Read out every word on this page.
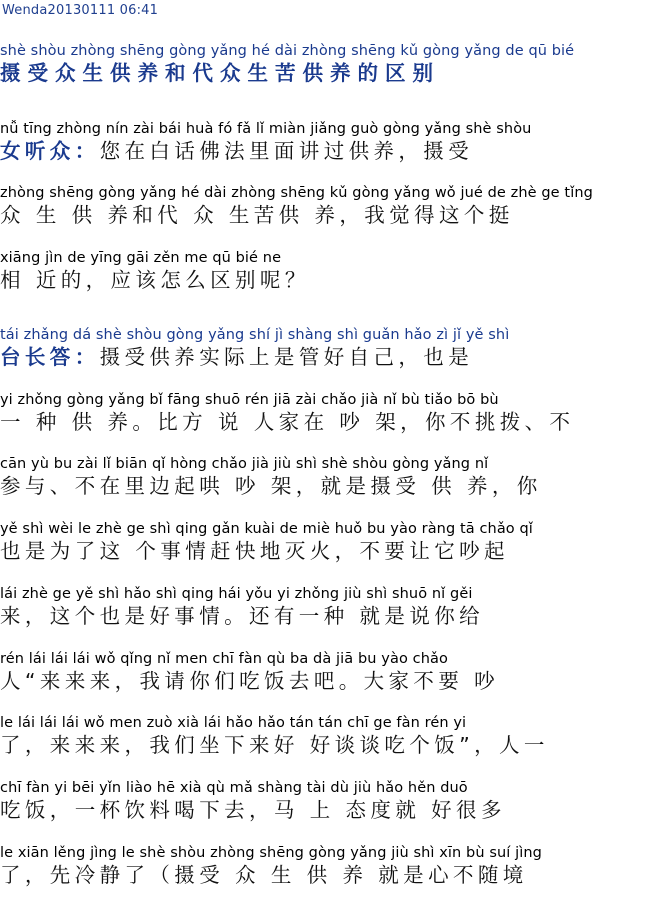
Wenda20130111 06:41
shè shòu zhòng shēng gòng yǎng hé dài zhòng shēng kǔ gòng yǎng de qū bié
摄受众生供养和代众生苦供养的区别
nǚ tīng zhòng nín zài bái huà fó fǎ lǐ miàn jiǎng guò gòng yǎng shè shòu
女听众：您在白话佛法里面讲过供养，摄受
zhòng shēng gòng yǎng hé dài zhòng shēng kǔ gòng yǎng wǒ jué de zhè ge tǐng
众 生 供 养和代 众 生苦供 养，我觉得这个挺
xiāng jìn de yīng gāi zěn me qū bié ne
相 近的，应该怎么区别呢？
tái zhǎng dá shè shòu gòng yǎng shí jì shàng shì guǎn hǎo zì jǐ yě shì
台长答：摄受供养实际上是管好自己，也是
yi zhǒng gòng yǎng bǐ fāng shuō rén jiā zài chǎo jià nǐ bù tiǎo bō bù
一 种 供 养。比方 说 人家在 吵 架，你不挑拨、不
cān yù bu zài lǐ biān qǐ hòng chǎo jià jiù shì shè shòu gòng yǎng nǐ
参与、不在里边起哄 吵 架，就是摄受 供 养，你
yě shì wèi le zhè ge shì qing gǎn kuài de miè huǒ bu yào ràng tā chǎo qǐ
也是为了这 个事情赶快地灭火，不要让它吵起
lái zhè ge yě shì hǎo shì qing hái yǒu yi zhǒng jiù shì shuō nǐ gěi
来，这个也是好事情。还有一种 就是说你给
rén lái lái lái wǒ qǐng nǐ men chī fàn qù ba dà jiā bu yào chǎo
人“来来来，我请你们吃饭去吧。大家不要 吵
le lái lái lái wǒ men zuò xià lái hǎo hǎo tán tán chī ge fàn rén yi
了，来来来，我们坐下来好 好谈谈吃个饭”，人一
chī fàn yi bēi yǐn liào hē xià qù mǎ shàng tài dù jiù hǎo hěn duō
吃饭，一杯饮料喝下去，马 上 态度就 好很多
le xiān lěng jìng le shè shòu zhòng shēng gòng yǎng jiù shì xīn bù suí jìng
了，先冷静了（摄受 众 生 供 养 就是心不随境
